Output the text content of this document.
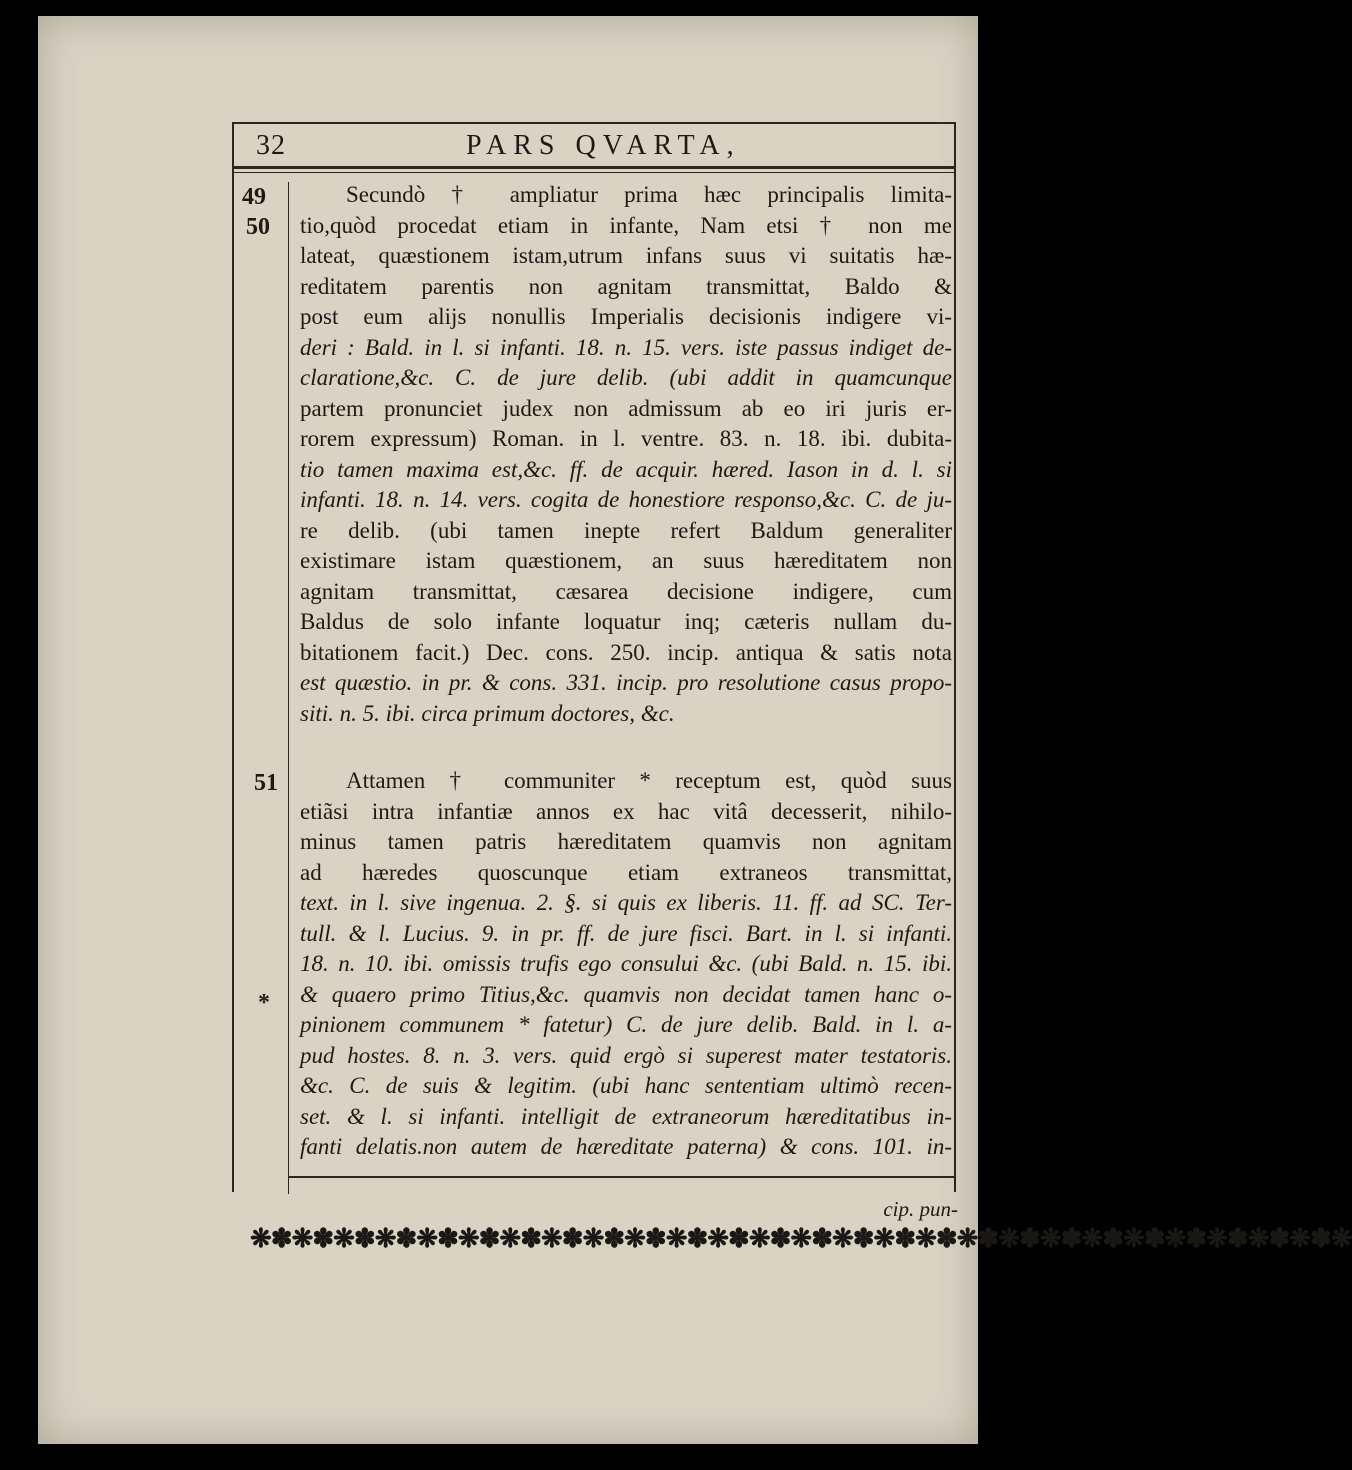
32	PARS QVARTA,
49
50
51
*
Secundò † ampliatur prima hæc principalis limita-
tio,quòd procedat etiam in infante, Nam etsi † non me
lateat, quæstionem istam,utrum infans suus vi suitatis hæ-
reditatem parentis non agnitam transmittat, Baldo &
post eum alijs nonullis Imperialis decisionis indigere vi-
deri : Bald. in l. si infanti. 18. n. 15. vers. iste passus indiget de-
claratione,&c. C. de jure delib. (ubi addit in quamcunque
partem pronunciet judex non admissum ab eo iri juris er-
rorem expressum) Roman. in l. ventre. 83. n. 18. ibi. dubita-
tio tamen maxima est,&c. ff. de acquir. hæred. Iason in d. l. si
infanti. 18. n. 14. vers. cogita de honestiore responso,&c. C. de ju-
re delib. (ubi tamen inepte refert Baldum generaliter
existimare istam quæstionem, an suus hæreditatem non
agnitam transmittat, cæsarea decisione indigere, cum
Baldus de solo infante loquatur inq; cæteris nullam du-
bitationem facit.) Dec. cons. 250. incip. antiqua & satis nota
est quæstio. in pr. & cons. 331. incip. pro resolutione casus propo-
siti. n. 5. ibi. circa primum doctores, &c.
Attamen † communiter * receptum est, quòd suus
etiãsi intra infantiæ annos ex hac vitâ decesserit, nihilo-
minus tamen patris hæreditatem quamvis non agnitam
ad hæredes quoscunque etiam extraneos transmittat,
text. in l. sive ingenua. 2. §. si quis ex liberis. 11. ff. ad SC. Ter-
tull. & l. Lucius. 9. in pr. ff. de jure fisci. Bart. in l. si infanti.
18. n. 10. ibi. omissis trufis ego consului &c. (ubi Bald. n. 15. ibi.
& quaero primo Titius,&c. quamvis non decidat tamen hanc o-
pinionem communem * fatetur) C. de jure delib. Bald. in l. a-
pud hostes. 8. n. 3. vers. quid ergò si superest mater testatoris.
&c. C. de suis & legitim. (ubi hanc sententiam ultimò recen-
set. & l. si infanti. intelligit de extraneorum hæreditatibus in-
fanti delatis.non autem de hæreditate paterna) & cons. 101. in-
cip. pun-
❋✽❋✽❋✽❋✽❋✽❋✽❋✽❋✽❋✽❋✽❋✽❋✽❋✽❋✽❋✽❋✽❋✽❋✽❋✽❋✽❋✽❋✽❋✽❋✽❋✽❋✽❋
